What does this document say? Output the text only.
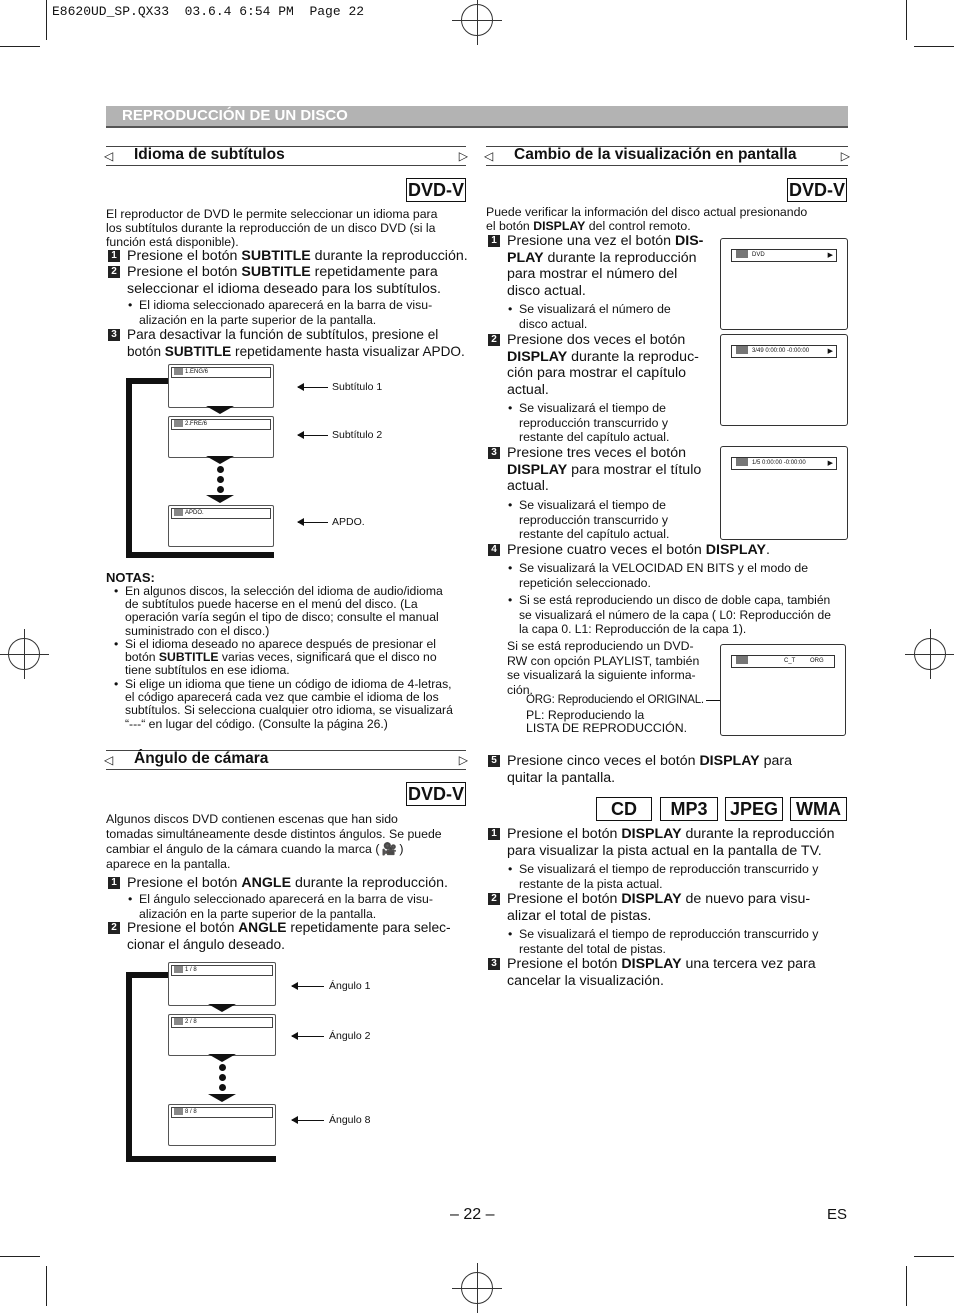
E8620UD_SP.QX33  03.6.4 6:54 PM  Page 22
REPRODUCCIÓN DE UN DISCO
◁ Idioma de subtítulos	▷
DVD-V
El reproductor de DVD le permite seleccionar un idioma para
los subtítulos durante la reproducción de un disco DVD (si la
función está disponible).
1 Presione el botón SUBTITLE durante la reproducción.
2 Presione el botón SUBTITLE repetidamente para
seleccionar el idioma deseado para los subtítulos.
• El idioma seleccionado aparecerá en la barra de visu-
alización en la parte superior de la pantalla.
3 Para desactivar la función de subtítulos, presione el
botón SUBTITLE repetidamente hasta visualizar APDO.
1.ENG/6
2.FRE/6
APDO.
Subtítulo 1
Subtítulo 2
APDO.
NOTAS:
• En algunos discos, la selección del idioma de audio/idioma
de subtítulos puede hacerse en el menú del disco. (La
operación varía según el tipo de disco; consulte el manual
suministrado con el disco.)
• Si el idioma deseado no aparece después de presionar el
botón SUBTITLE varias veces, significará que el disco no
tiene subtítulos en ese idioma.
• Si elige un idioma que tiene un código de idioma de 4-letras,
el código aparecerá cada vez que cambie el idioma de los
subtítulos. Si selecciona cualquier otro idioma, se visualizará
“---“ en lugar del código. (Consulte la página 26.)
◁ Ángulo de cámara	▷
DVD-V
Algunos discos DVD contienen escenas que han sido
tomadas simultáneamente desde distintos ángulos. Se puede
cambiar el ángulo de la cámara cuando la marca ( 🎥 )
aparece en la pantalla.
1 Presione el botón ANGLE durante la reproducción.
• El ángulo seleccionado aparecerá en la barra de visu-
alización en la parte superior de la pantalla.
2 Presione el botón ANGLE repetidamente para selec-
cionar el ángulo deseado.
1 / 8
2 / 8
8 / 8
Ángulo 1
Ángulo 2
Ángulo 8
◁ Cambio de la visualización en pantalla	▷
DVD-V
Puede verificar la información del disco actual presionando
el botón DISPLAY del control remoto.
1 Presione una vez el botón DIS-
PLAY durante la reproducción
para mostrar el número del
disco actual.
• Se visualizará el número de
disco actual.
DVD	▶
2 Presione dos veces el botón
DISPLAY durante la reproduc-
ción para mostrar el capítulo
actual.
• Se visualizará el tiempo de
reproducción transcurrido y
restante del capítulo actual.
3/49 0:00:00 -0:00:00	▶
3 Presione tres veces el botón
DISPLAY para mostrar el título
actual.
• Se visualizará el tiempo de
reproducción transcurrido y
restante del capítulo actual.
1/5 0:00:00 -0:00:00	▶
4 Presione cuatro veces el botón DISPLAY.
• Se visualizará la VELOCIDAD EN BITS y el modo de
repetición seleccionado.
• Si se está reproduciendo un disco de doble capa, también
se visualizará el número de la capa ( L0: Reproducción de
la capa 0. L1: Reproducción de la capa 1).
Si se está reproduciendo un DVD-
RW con opción PLAYLIST, también
se visualizará la siguiente informa-
ción.
C_T ORG
ORG: Reproduciendo el ORIGINAL.
PL: Reproduciendo la
LISTA DE REPRODUCCIÓN.
5 Presione cinco veces el botón DISPLAY para
quitar la pantalla.
CD	MP3	JPEG WMA
1 Presione el botón DISPLAY durante la reproducción
para visualizar la pista actual en la pantalla de TV.
• Se visualizará el tiempo de reproducción transcurrido y
restante de la pista actual.
2 Presione el botón DISPLAY de nuevo para visu-
alizar el total de pistas.
• Se visualizará el tiempo de reproducción transcurrido y
restante del total de pistas.
3 Presione el botón DISPLAY una tercera vez para
cancelar la visualización.
– 22 –	ES
